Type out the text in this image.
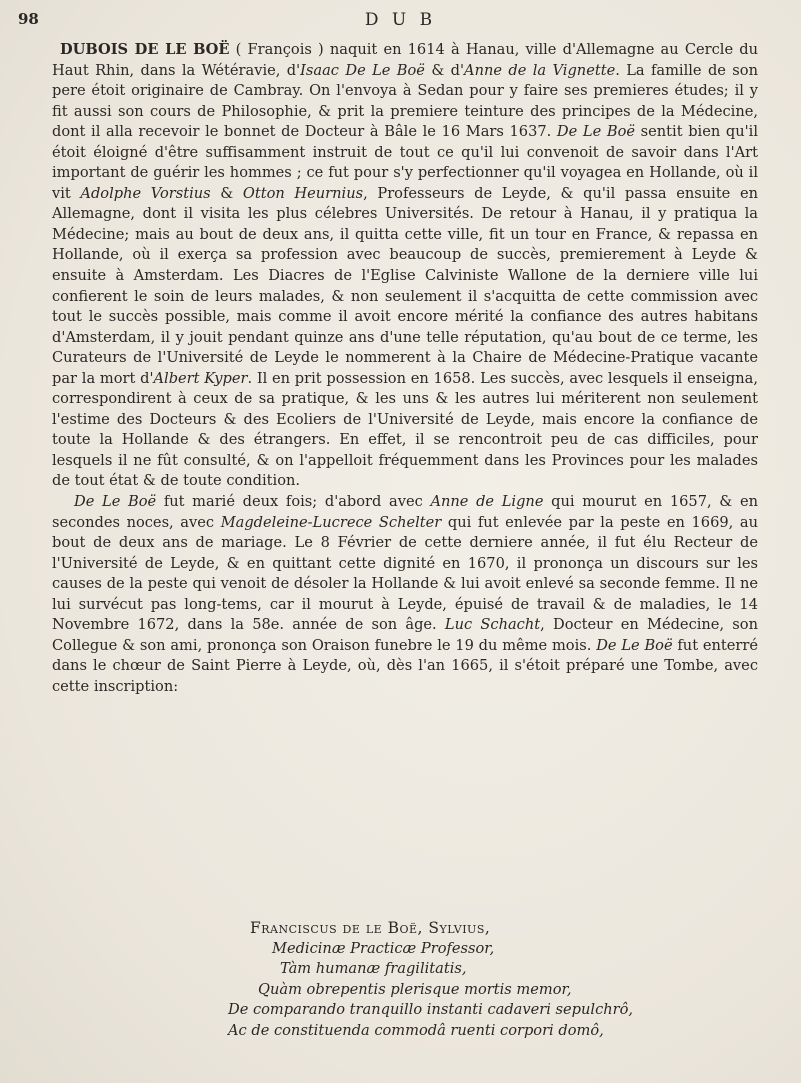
98	D U B

DUBOIS DE LE BOË ( François ) naquit en 1614 à Hanau, ville d'Allemagne au Cercle du Haut Rhin, dans la Wétéravie, d'Isaac De Le Boë & d'Anne de la Vignette. La famille de son pere étoit originaire de Cambray. On l'envoya à Sedan pour y faire ses premieres études; il y fit aussi son cours de Philosophie, & prit la premiere teinture des principes de la Médecine, dont il alla recevoir le bonnet de Docteur à Bâle le 16 Mars 1637. De Le Boë sentit bien qu'il étoit éloigné d'être suffisamment instruit de tout ce qu'il lui convenoit de savoir dans l'Art important de guérir les hommes ; ce fut pour s'y perfectionner qu'il voyagea en Hollande, où il vit Adolphe Vorstius & Otton Heurnius, Professeurs de Leyde, & qu'il passa ensuite en Allemagne, dont il visita les plus célebres Universités. De retour à Hanau, il y pratiqua la Médecine; mais au bout de deux ans, il quitta cette ville, fit un tour en France, & repassa en Hollande, où il exerça sa profession avec beaucoup de succès, premierement à Leyde & ensuite à Amsterdam. Les Diacres de l'Eglise Calviniste Wallone de la derniere ville lui confierent le soin de leurs malades, & non seulement il s'acquitta de cette commission avec tout le succès possible, mais comme il avoit encore mérité la confiance des autres habitans d'Amsterdam, il y jouit pendant quinze ans d'une telle réputation, qu'au bout de ce terme, les Curateurs de l'Université de Leyde le nommerent à la Chaire de Médecine-Pratique vacante par la mort d'Albert Kyper. Il en prit possession en 1658. Les succès, avec lesquels il enseigna, correspondirent à ceux de sa pratique, & les uns & les autres lui mériterent non seulement l'estime des Docteurs & des Ecoliers de l'Université de Leyde, mais encore la confiance de toute la Hollande & des étrangers. En effet, il se rencontroit peu de cas difficiles, pour lesquels il ne fût consulté, & on l'appelloit fréquemment dans les Provinces pour les malades de tout état & de toute condition.

De Le Boë fut marié deux fois; d'abord avec Anne de Ligne qui mourut en 1657, & en secondes noces, avec Magdeleine-Lucrece Schelter qui fut enlevée par la peste en 1669, au bout de deux ans de mariage. Le 8 Février de cette derniere année, il fut élu Recteur de l'Université de Leyde, & en quittant cette dignité en 1670, il prononça un discours sur les causes de la peste qui venoit de désoler la Hollande & lui avoit enlevé sa seconde femme. Il ne lui survécut pas long-tems, car il mourut à Leyde, épuisé de travail & de maladies, le 14 Novembre 1672, dans la 58e. année de son âge. Luc Schacht, Docteur en Médecine, son Collegue & son ami, prononça son Oraison funebre le 19 du même mois. De Le Boë fut enterré dans le chœur de Saint Pierre à Leyde, où, dès l'an 1665, il s'étoit préparé une Tombe, avec cette inscription:

Franciscus de le Boë, Sylvius,
Medicinæ Practicæ Professor,
Tàm humanæ fragilitatis,
Quàm obrepentis plerisque mortis memor,
De comparando tranquillo instanti cadaveri sepulchrô,
Ac de constituenda commodâ ruenti corpori domô,
